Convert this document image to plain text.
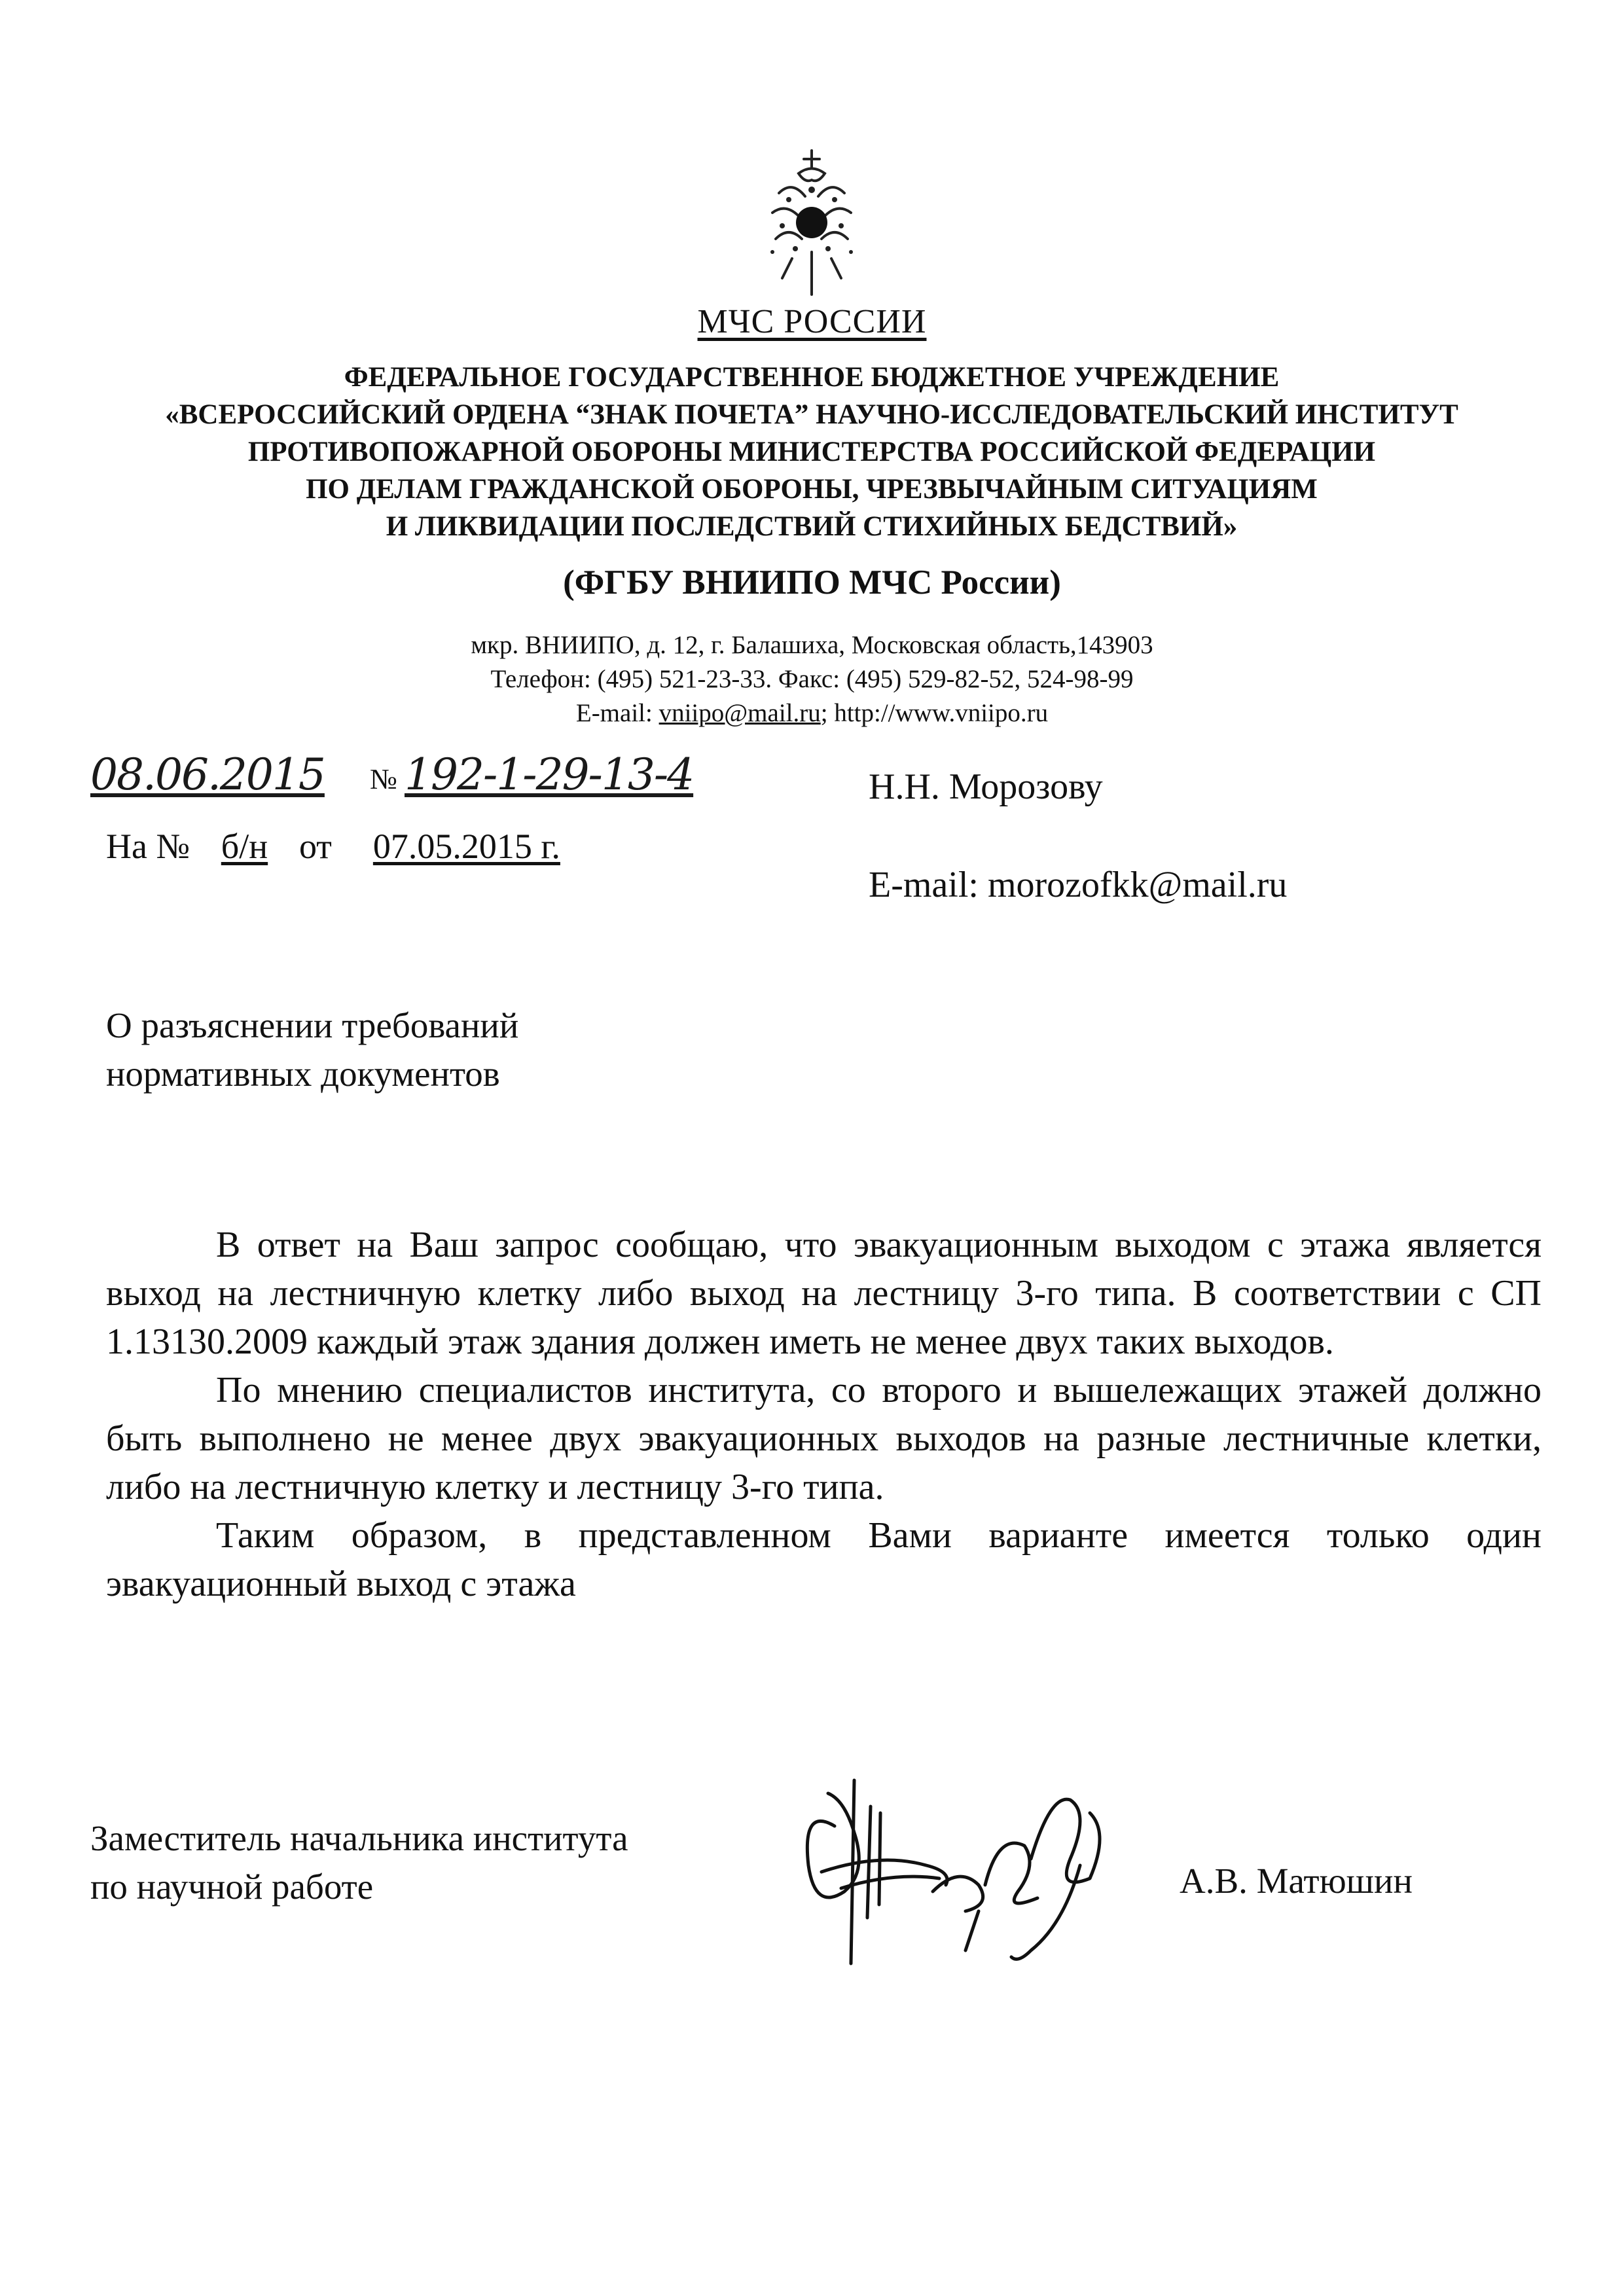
МЧС РОССИИ
ФЕДЕРАЛЬНОЕ ГОСУДАРСТВЕННОЕ БЮДЖЕТНОЕ УЧРЕЖДЕНИЕ
«ВСЕРОССИЙСКИЙ ОРДЕНА “ЗНАК ПОЧЕТА” НАУЧНО-ИССЛЕДОВАТЕЛЬСКИЙ ИНСТИТУТ
ПРОТИВОПОЖАРНОЙ ОБОРОНЫ МИНИСТЕРСТВА РОССИЙСКОЙ ФЕДЕРАЦИИ
ПО ДЕЛАМ ГРАЖДАНСКОЙ ОБОРОНЫ, ЧРЕЗВЫЧАЙНЫМ СИТУАЦИЯМ
И ЛИКВИДАЦИИ ПОСЛЕДСТВИЙ СТИХИЙНЫХ БЕДСТВИЙ»
(ФГБУ ВНИИПО МЧС России)
мкр. ВНИИПО, д. 12, г. Балашиха, Московская область,143903
Телефон: (495) 521-23-33. Факс: (495) 529-82-52, 524-98-99
E-mail: vniipo@mail.ru; http://www.vniipo.ru
08.06.2015 № 192-1-29-13-4
На № б/н от 07.05.2015 г.
Н.Н. Морозову
E-mail: morozofkk@mail.ru
О разъяснении требований
нормативных документов

В ответ на Ваш запрос сообщаю, что эвакуационным выходом с этажа является выход на лестничную клетку либо выход на лестницу 3-го типа. В соответствии с СП 1.13130.2009 каждый этаж здания должен иметь не менее двух таких выходов.

По мнению специалистов института, со второго и вышележащих этажей должно быть выполнено не менее двух эвакуационных выходов на разные лестничные клетки, либо на лестничную клетку и лестницу 3-го типа.

Таким образом, в представленном Вами варианте имеется только один эвакуационный выход с этажа

Заместитель начальника института
по научной работе	А.В. Матюшин
